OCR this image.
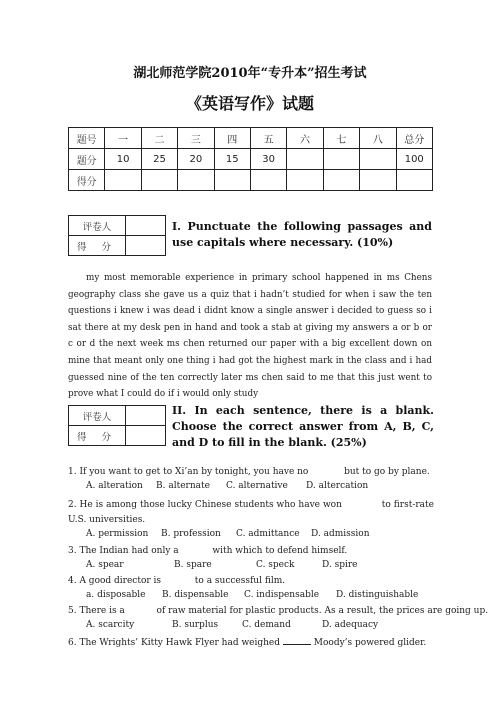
湖北师范学院2010年“专升本”招生考试
《英语写作》试题
题号	一	二	三	四	五	六	七	八	总分
题分	10	25	20	15	30				100
得分									
评卷人	
得 分	
I. Punctuate the following passages and use capitals where necessary. (10%)
my most memorable experience in primary school happened in ms Chens geography class she gave us a quiz that i hadn’t studied for when i saw the ten questions i knew i was dead i didnt know a single answer i decided to guess so i sat there at my desk pen in hand and took a stab at giving my answers a or b or c or d the next week ms chen returned our paper with a big excellent down on mine that meant only one thing i had got the highest mark in the class and i had guessed nine of the ten correctly later ms chen said to me that this just went to prove what I could do if i would only study
评卷人	
得 分	
II. In each sentence, there is a blank. Choose the correct answer from A, B, C, and D to fill in the blank. (25%)
1. If you want to get to Xi’an by tonight, you have no	but to go by plane.
A. alteration B. alternate C. alternative D. altercation
2. He is among those lucky Chinese students who have won	to first-rate U.S. universities.
A. permission B. profession C. admittance D. admission
3. The Indian had only a	with which to defend himself.
A. spear	B. spare	C. speck	D. spire
4. A good director is	to a successful film.
a. disposable B. dispensable C. indispensable D. distinguishable
5. There is a	of raw material for plastic products. As a result, the prices are going up.
A. scarcity	B. surplus	C. demand	D. adequacy
6. The Wrights’ Kitty Hawk Flyer had weighed	Moody’s powered glider.
